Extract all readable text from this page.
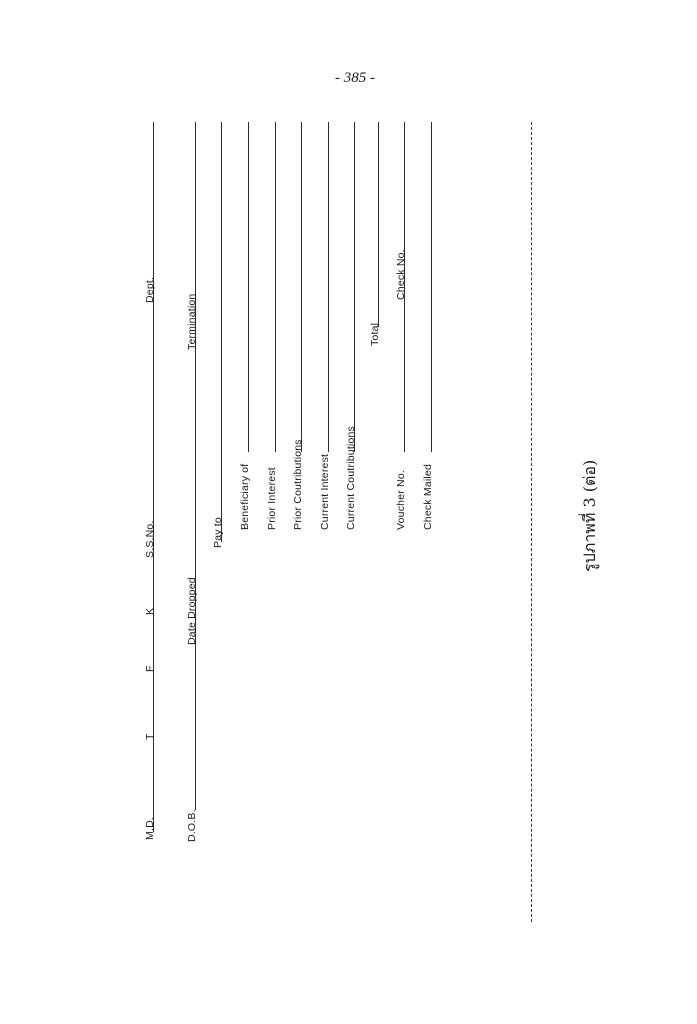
- 385 -
M.D.
T
F
K
S.S.No.
Dept.
D.O.B.
Date Dropped
Termination
Pay to
Beneficiary of Prior Interest Prior Coutributions Current Interest Current Coutributions
Total
Voucher No.
Check No.
Check Mailed	รูปภาพที่ 3 (ต่อ)
